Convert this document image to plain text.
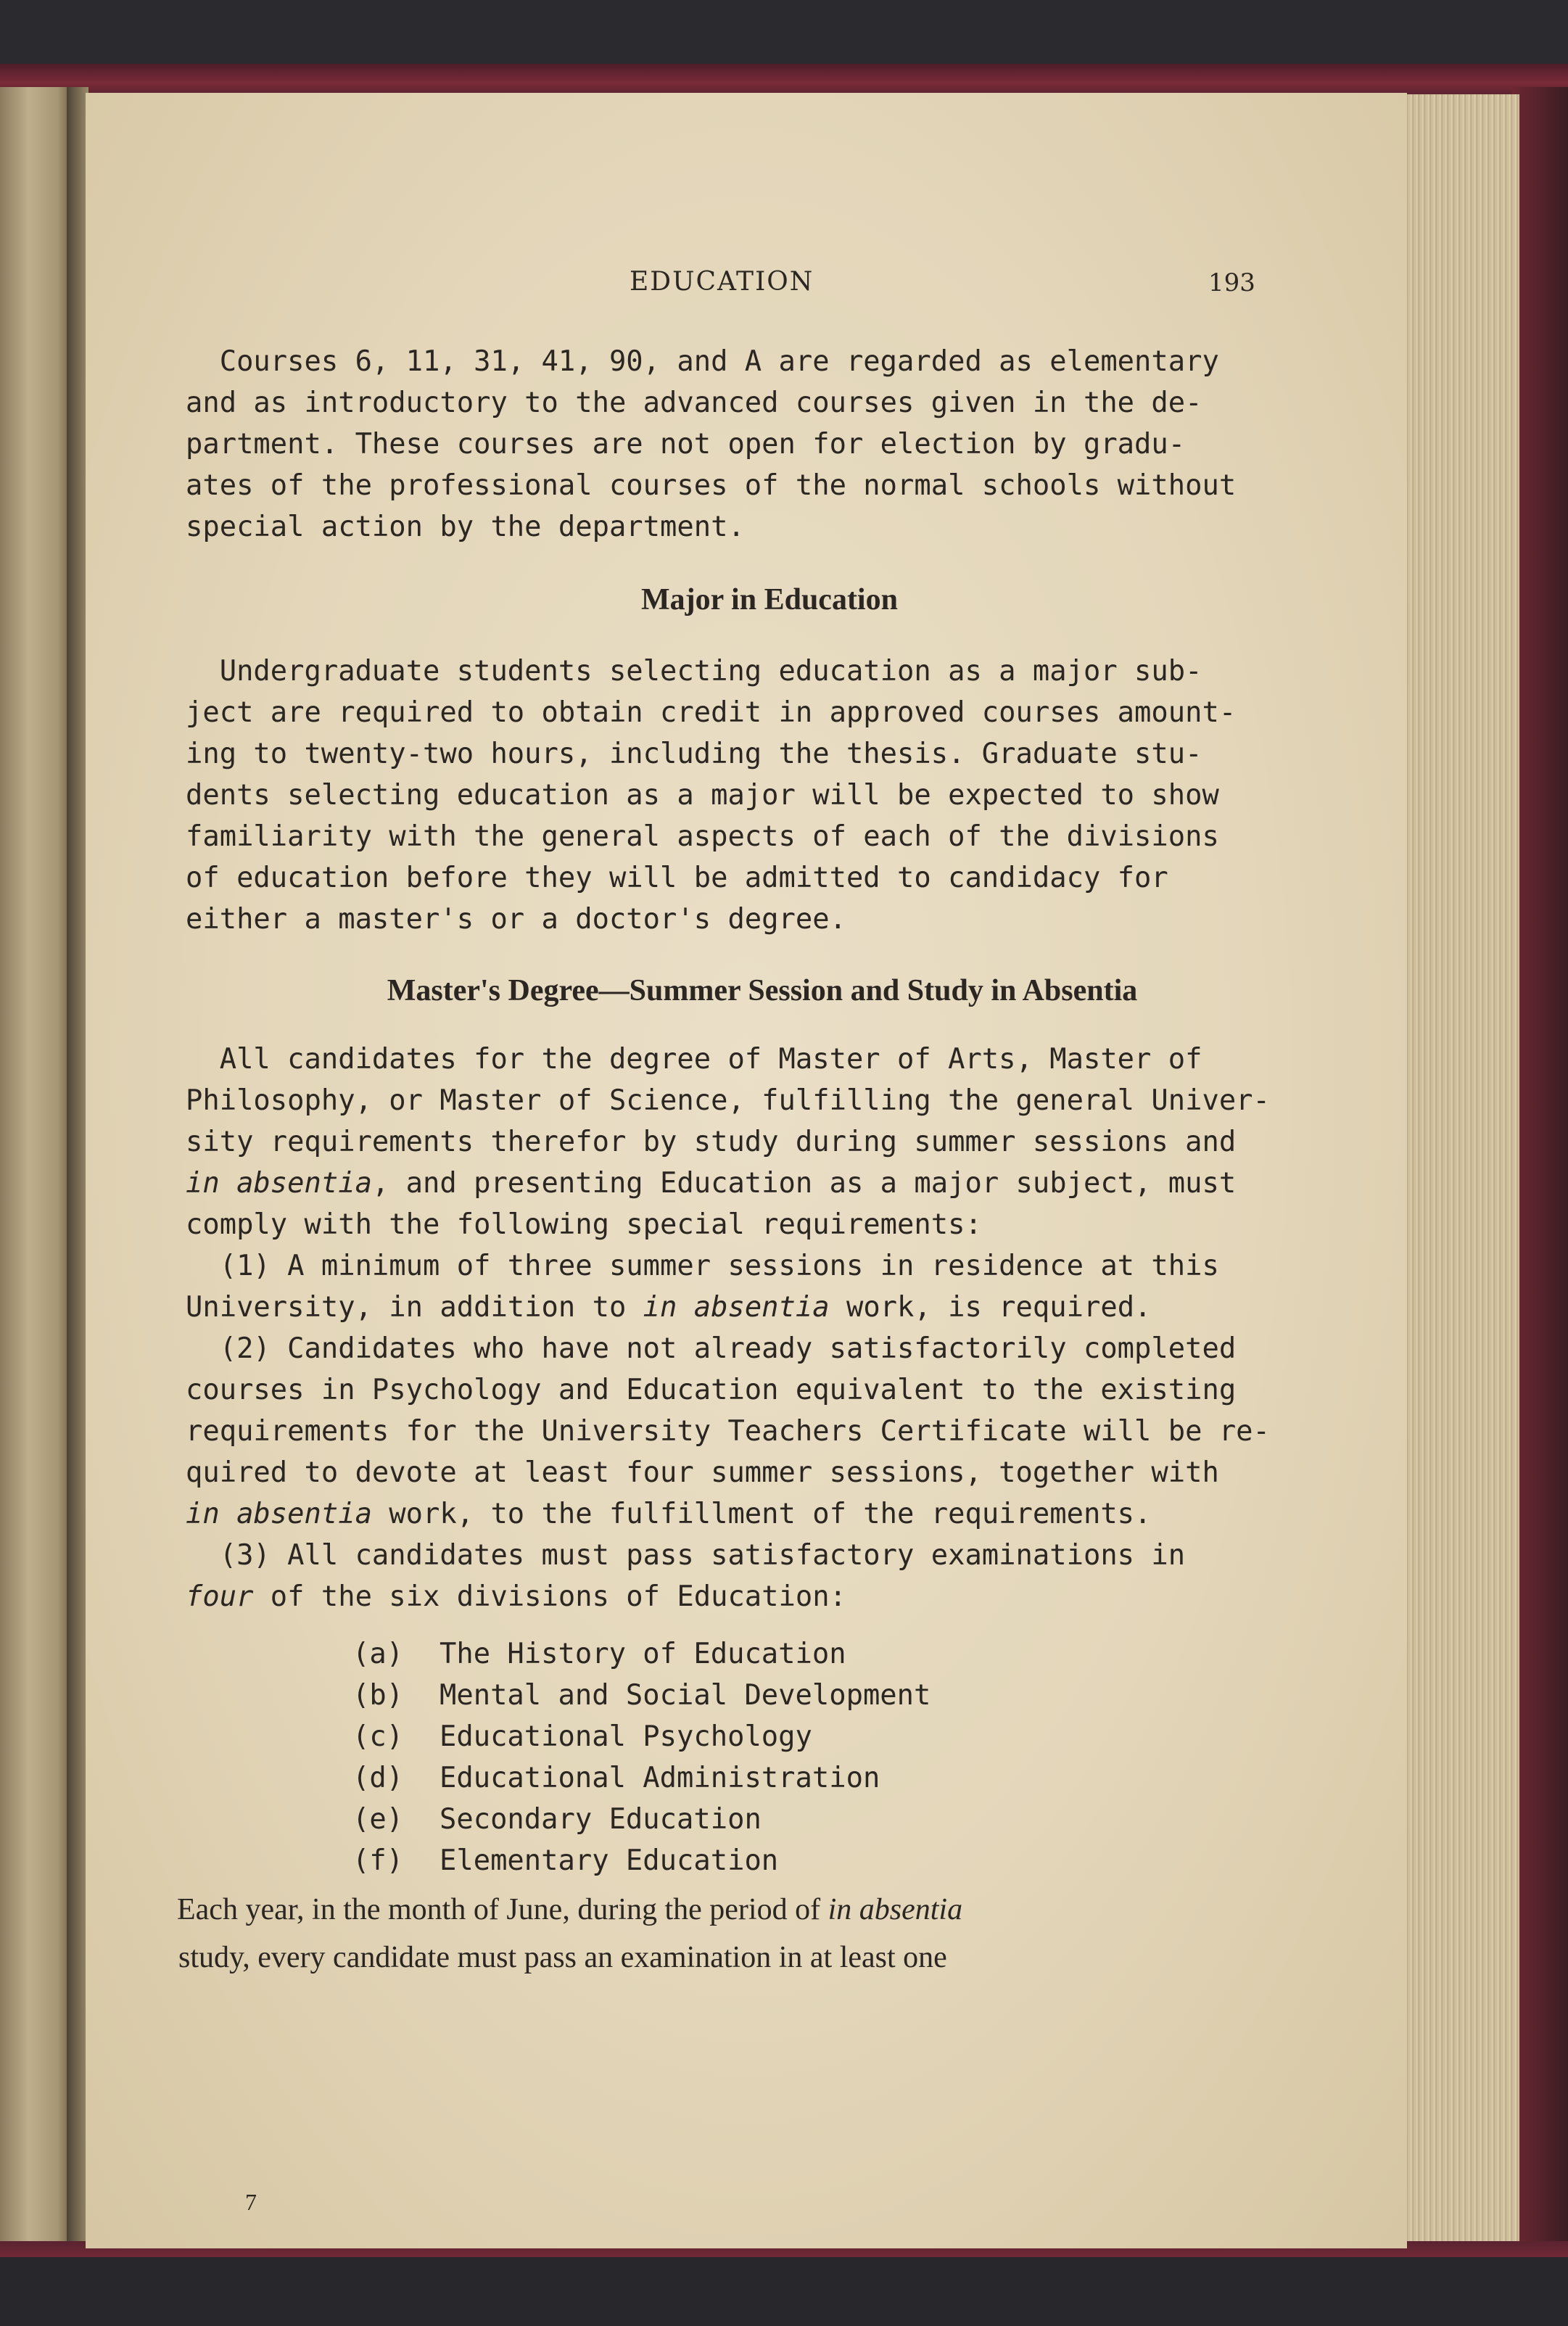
EDUCATION	193

Courses 6, 11, 31, 41, 90, and A are regarded as elementary

and as introductory to the advanced courses given in the de-

partment. These courses are not open for election by gradu-

ates of the professional courses of the normal schools without

special action by the department.

Major in Education

Undergraduate students selecting education as a major sub-

ject are required to obtain credit in approved courses amount-

ing to twenty-two hours, including the thesis. Graduate stu-

dents selecting education as a major will be expected to show

familiarity with the general aspects of each of the divisions

of education before they will be admitted to candidacy for

either a master's or a doctor's degree.

Master's Degree—Summer Session and Study in Absentia

All candidates for the degree of Master of Arts, Master of

Philosophy, or Master of Science, fulfilling the general Univer-

sity requirements therefor by study during summer sessions and

in absentia, and presenting Education as a major subject, must

comply with the following special requirements:

(1) A minimum of three summer sessions in residence at this

University, in addition to in absentia work, is required.

(2) Candidates who have not already satisfactorily completed

courses in Psychology and Education equivalent to the existing

requirements for the University Teachers Certificate will be re-

quired to devote at least four summer sessions, together with

in absentia work, to the fulfillment of the requirements.

(3) All candidates must pass satisfactory examinations in

four of the six divisions of Education:

(a) The History of Education
(b) Mental and Social Development
(c) Educational Psychology
(d) Educational Administration
(e) Secondary Education
(f) Elementary Education

Each year, in the month of June, during the period of in absentia

study, every candidate must pass an examination in at least one

7
